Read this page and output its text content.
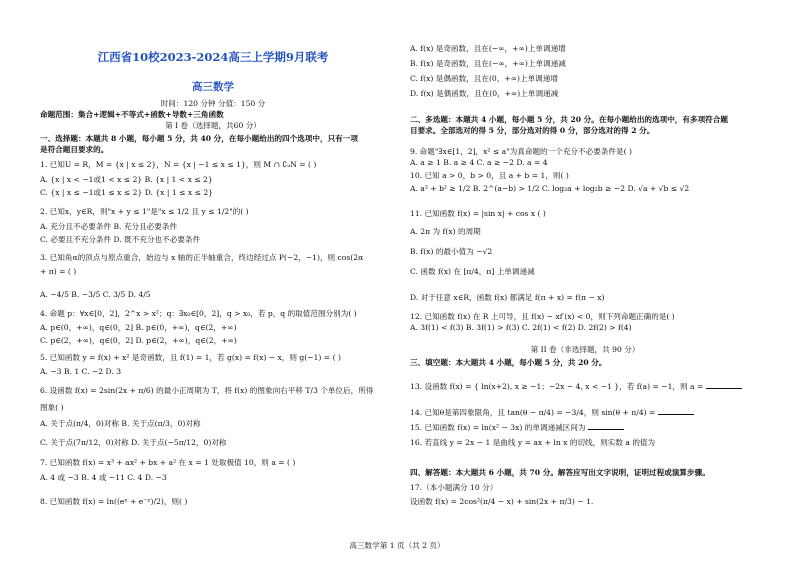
江西省10校2023-2024高三上学期9月联考
高三数学
时间：120 分钟 分值：150 分
命题范围：集合+逻辑+不等式+函数+导数+三角函数
第 I 卷（选择题，共60 分）
一、选择题：本题共 8 小题，每小题 5 分，共 40 分，在每小题给出的四个选项中，只有一项
是符合题目要求的。
1. 已知U = R，M = {x | x ≤ 2}，N = {x | −1 ≤ x ≤ 1}，则 M ∩ ∁ᵤN = ( )
A. {x | x < −1或1 < x ≤ 2} B. {x | 1 < x ≤ 2}
C. {x | x ≤ −1或1 ≤ x ≤ 2} D. {x | 1 ≤ x ≤ 2}
2. 已知x，y∈R，则"x + y ≤ 1"是"x ≤ 1/2 且 y ≤ 1/2"的( )
A. 充分且不必要条件 B. 充分且必要条件
C. 必要且不充分条件 D. 既不充分也不必要条件
3. 已知角α的顶点与原点重合，始边与 x 轴的正半轴重合，终边经过点 P(−2，−1)，则 cos(2α
+ π) = ( )
A. −4/5 B. −3/5 C. 3/5 D. 4/5
4. 命题 p：∀x∈[0，2]，2^x > x²；q：∃x₀∈[0，2]，q > x₀，若 p，q 的取值范围分别为( )
A. p∈(0，+∞)，q∈(0，2] B. p∈(0，+∞)，q∈(2，+∞)
C. p∈(2，+∞)，q∈(0，2] D. p∈(2，+∞)，q∈(2，+∞)
5. 已知函数 y = f(x) + x² 是奇函数，且 f(1) = 1，若 g(x) = f(x) − x，则 g(−1) = ( )
A. −3 B. 1 C. −2 D. 3
6. 设函数 f(x) = 2sin(2x + π/6) 的最小正周期为 T，将 f(x) 的图象向右平移 T/3 个单位后，所得
图象( )
A. 关于点(π/4，0)对称 B. 关于点(π/3，0)对称
C. 关于点(7π/12，0)对称 D. 关于点(−5π/12，0)对称
7. 已知函数 f(x) = x³ + ax² + bx + a² 在 x = 1 处取极值 10，则 a = ( )
A. 4 或 −3 B. 4 或 −11 C. 4 D. −3
8. 已知函数 f(x) = ln((eˣ + e⁻ˣ)/2)，则( )
A. f(x) 是奇函数，且在(−∞，+∞)上单调递增
B. f(x) 是奇函数，且在(−∞，+∞)上单调递减
C. f(x) 是偶函数，且在(0，+∞)上单调递增
D. f(x) 是偶函数，且在(0，+∞)上单调递减
二、多选题：本题共 4 小题，每小题 5 分，共 20 分。在每小题给出的选项中，有多项符合题
目要求。全部选对的得 5 分，部分选对的得 0 分，部分选对的得 2 分。
9. 命题"∃x∈[1，2]，x² ≤ a"为真命题的一个充分不必要条件是( )
A. a ≥ 1 B. a ≥ 4 C. a ≥ −2 D. a = 4
10. 已知 a > 0，b > 0，且 a + b = 1，则( )
A. a² + b² ≥ 1/2 B. 2^(a−b) > 1/2 C. log₂a + log₂b ≥ −2 D. √a + √b ≤ √2
11. 已知函数 f(x) = |sin x| + cos x ( )
A. 2π 为 f(x) 的周期
B. f(x) 的最小值为 −√2
C. 函数 f(x) 在 [π/4，π] 上单调递减
D. 对于任意 x∈R，函数 f(x) 都满足 f(π + x) = f(π − x)
12. 已知函数 f(x) 在 R 上可导，且 f(x) − xf′(x) < 0，则下列命题正确的是( )
A. 3f(1) < f(3) B. 3f(1) > f(3) C. 2f(1) < f(2) D. 2f(2) > f(4)
第 II 卷（非选择题，共 90 分）
三、填空题：本大题共 4 小题，每小题 5 分，共 20 分。
13. 设函数 f(x) = { ln(x+2), x ≥ −1；−2x − 4, x < −1 }，若 f(a) = −1，则 a =
14. 已知θ是第四象限角，且 tan(θ − π/4) = −3/4，则 sin(θ + π/4) =
15. 已知函数 f(x) = ln(x² − 3x) 的单调递减区间为
16. 若直线 y = 2x − 1 是曲线 y = ax + ln x 的切线，则实数 a 的值为
四、解答题：本大题共 6 小题，共 70 分。解答应写出文字说明，证明过程或演算步骤。
17.（本小题满分 10 分）
设函数 f(x) = 2cos²(π/4 − x) + sin(2x + π/3) − 1.
高三数学第 1 页（共 2 页）
